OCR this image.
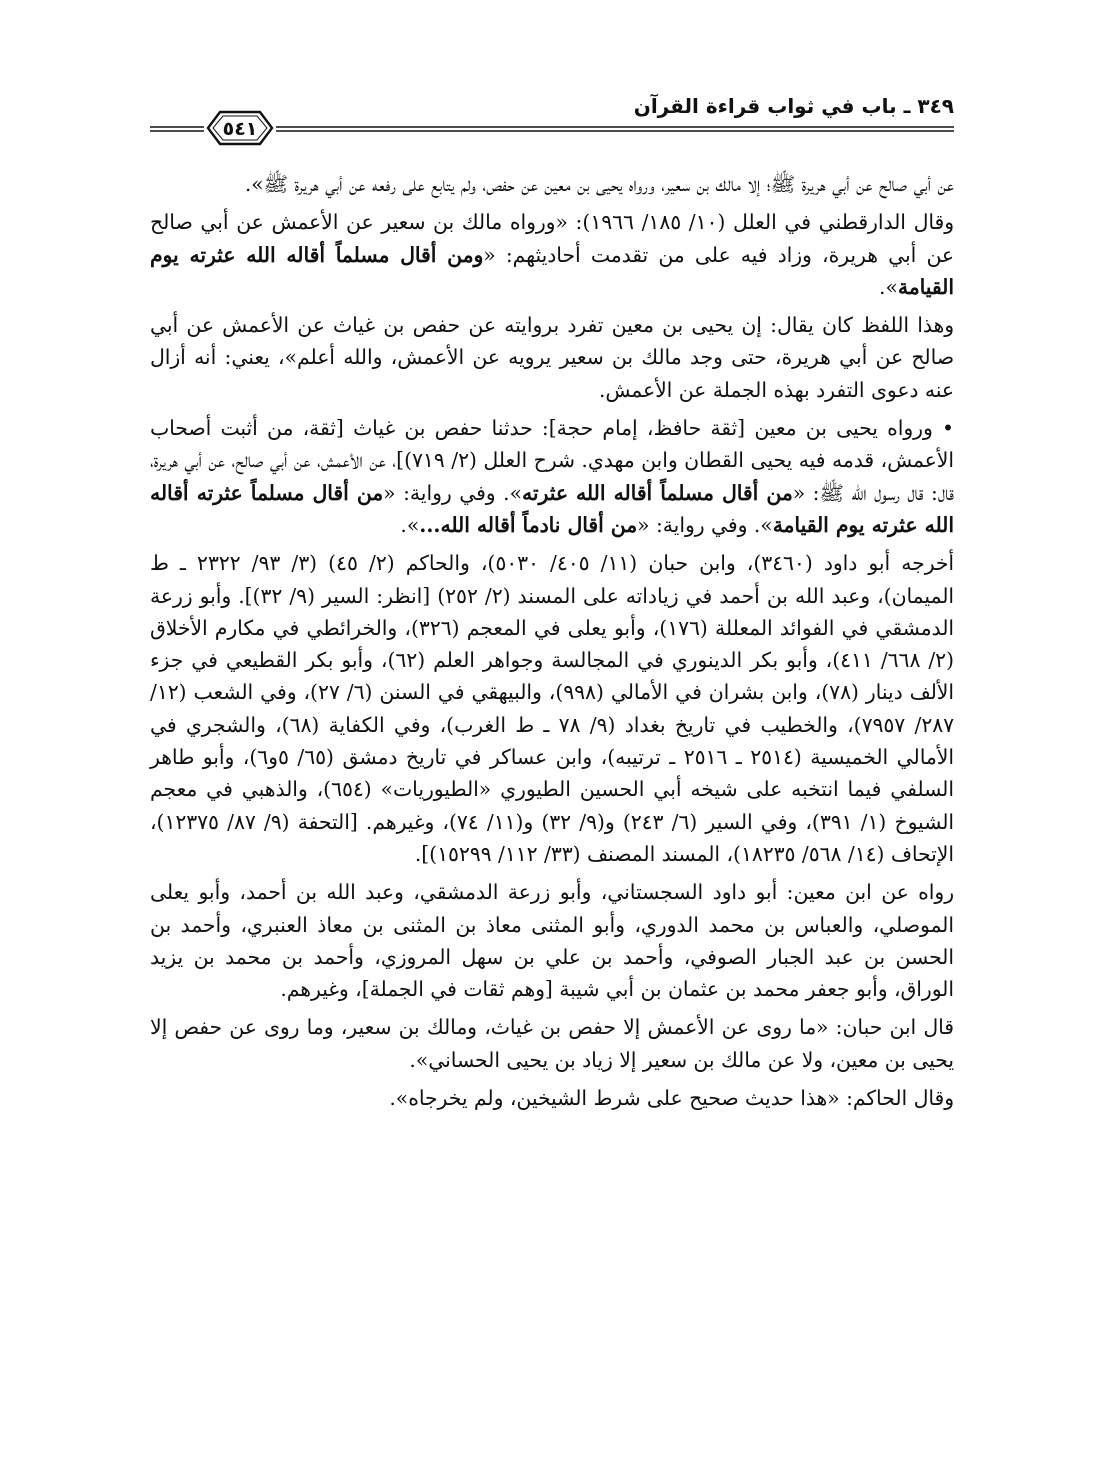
٥٤١
٣٤٩ ـ باب في ثواب قراءة القرآن

عن أبي صالح عن أبي هريرة ﷺ؛ إلا مالك بن سعير، ورواه يحيى بن معين عن حفص، ولم يتابع على رفعه عن أبي هريرة ﷺ».

وقال الدارقطني في العلل (١٠/ ١٨٥/ ١٩٦٦): «ورواه مالك بن سعير عن الأعمش عن أبي صالح عن أبي هريرة، وزاد فيه على من تقدمت أحاديثهم: «ومن أقال مسلماً أقاله الله عثرته يوم القيامة».

وهذا اللفظ كان يقال: إن يحيى بن معين تفرد بروايته عن حفص بن غياث عن الأعمش عن أبي صالح عن أبي هريرة، حتى وجد مالك بن سعير يرويه عن الأعمش، والله أعلم»، يعني: أنه أزال عنه دعوى التفرد بهذه الجملة عن الأعمش.

• ورواه يحيى بن معين [ثقة حافظ، إمام حجة]: حدثنا حفص بن غياث [ثقة، من أثبت أصحاب الأعمش، قدمه فيه يحيى القطان وابن مهدي. شرح العلل (٢/ ٧١٩)]، عن الأعمش، عن أبي صالح، عن أبي هريرة، قال: قال رسول الله ﷺ: «من أقال مسلماً أقاله الله عثرته». وفي رواية: «من أقال مسلماً عثرته أقاله الله عثرته يوم القيامة». وفي رواية: «من أقال نادماً أقاله الله...».

أخرجه أبو داود (٣٤٦٠)، وابن حبان (١١/ ٤٠٥/ ٥٠٣٠)، والحاكم (٢/ ٤٥) (٣/ ٩٣/ ٢٣٢٢ ـ ط الميمان)، وعبد الله بن أحمد في زياداته على المسند (٢/ ٢٥٢) [انظر: السير (٩/ ٣٢)]. وأبو زرعة الدمشقي في الفوائد المعللة (١٧٦)، وأبو يعلى في المعجم (٣٢٦)، والخرائطي في مكارم الأخلاق (٢/ ٦٦٨/ ٤١١)، وأبو بكر الدينوري في المجالسة وجواهر العلم (٦٢)، وأبو بكر القطيعي في جزء الألف دينار (٧٨)، وابن بشران في الأمالي (٩٩٨)، والبيهقي في السنن (٦/ ٢٧)، وفي الشعب (١٢/ ٢٨٧/ ٧٩٥٧)، والخطيب في تاريخ بغداد (٩/ ٧٨ ـ ط الغرب)، وفي الكفاية (٦٨)، والشجري في الأمالي الخميسية (٢٥١٤ ـ ٢٥١٦ ـ ترتيبه)، وابن عساكر في تاريخ دمشق (٦٥/ ٥و٦)، وأبو طاهر السلفي فيما انتخبه على شيخه أبي الحسين الطيوري «الطيوريات» (٦٥٤)، والذهبي في معجم الشيوخ (١/ ٣٩١)، وفي السير (٦/ ٢٤٣) و(٩/ ٣٢) و(١١/ ٧٤)، وغيرهم. [التحفة (٩/ ٨٧/ ١٢٣٧٥)، الإتحاف (١٤/ ٥٦٨/ ١٨٢٣٥)، المسند المصنف (٣٣/ ١١٢/ ١٥٢٩٩)].

رواه عن ابن معين: أبو داود السجستاني، وأبو زرعة الدمشقي، وعبد الله بن أحمد، وأبو يعلى الموصلي، والعباس بن محمد الدوري، وأبو المثنى معاذ بن المثنى بن معاذ العنبري، وأحمد بن الحسن بن عبد الجبار الصوفي، وأحمد بن علي بن سهل المروزي، وأحمد بن محمد بن يزيد الوراق، وأبو جعفر محمد بن عثمان بن أبي شيبة [وهم ثقات في الجملة]، وغيرهم.

قال ابن حبان: «ما روى عن الأعمش إلا حفص بن غياث، ومالك بن سعير، وما روى عن حفص إلا يحيى بن معين، ولا عن مالك بن سعير إلا زياد بن يحيى الحساني».

وقال الحاكم: «هذا حديث صحيح على شرط الشيخين، ولم يخرجاه».
